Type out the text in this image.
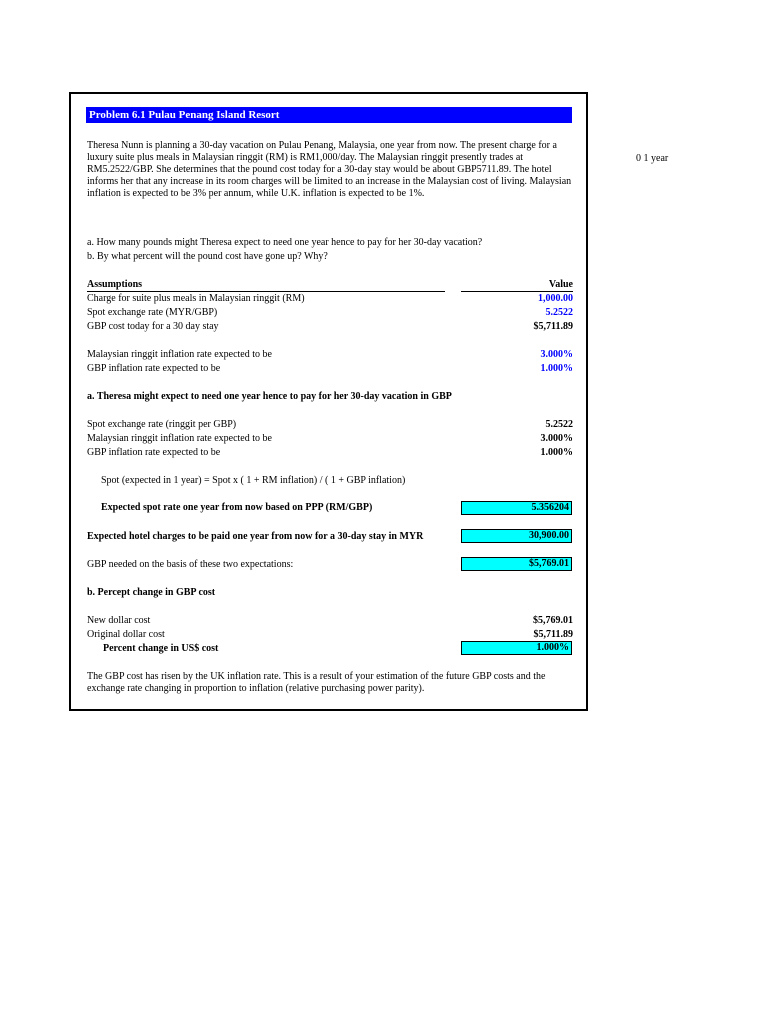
0 1 year
Problem 6.1 Pulau Penang Island Resort
Theresa Nunn is planning a 30-day vacation on Pulau Penang, Malaysia, one year from now. The present charge for a luxury suite plus meals in Malaysian ringgit (RM) is RM1,000/day. The Malaysian ringgit presently trades at RM5.2522/GBP. She determines that the pound cost today for a 30-day stay would be about GBP5711.89. The hotel informs her that any increase in its room charges will be limited to an increase in the Malaysian cost of living. Malaysian inflation is expected to be 3% per annum, while U.K. inflation is expected to be 1%.
a. How many pounds might Theresa expect to need one year hence to pay for her 30-day vacation?
b. By what percent will the pound cost have gone up? Why?
Assumptions	Value
Charge for suite plus meals in Malaysian ringgit (RM)	1,000.00
Spot exchange rate (MYR/GBP)	5.2522
GBP cost today for a 30 day stay	$5,711.89
Malaysian ringgit inflation rate expected to be	3.000%
GBP inflation rate expected to be	1.000%
a. Theresa might expect to need one year hence to pay for her 30-day vacation in GBP
Spot exchange rate (ringgit per GBP)	5.2522
Malaysian ringgit inflation rate expected to be	3.000%
GBP inflation rate expected to be	1.000%
Spot (expected in 1 year) = Spot x ( 1 + RM inflation) / ( 1 + GBP inflation)
Expected spot rate one year from now based on PPP (RM/GBP)	5.356204
Expected hotel charges to be paid one year from now for a 30-day stay in MYR	30,900.00
GBP needed on the basis of these two expectations:	$5,769.01
b. Percept change in GBP cost
New dollar cost	$5,769.01
Original dollar cost	$5,711.89
Percent change in US$ cost	1.000%
The GBP cost has risen by the UK inflation rate. This is a result of your estimation of the future GBP costs and the exchange rate changing in proportion to inflation (relative purchasing power parity).
